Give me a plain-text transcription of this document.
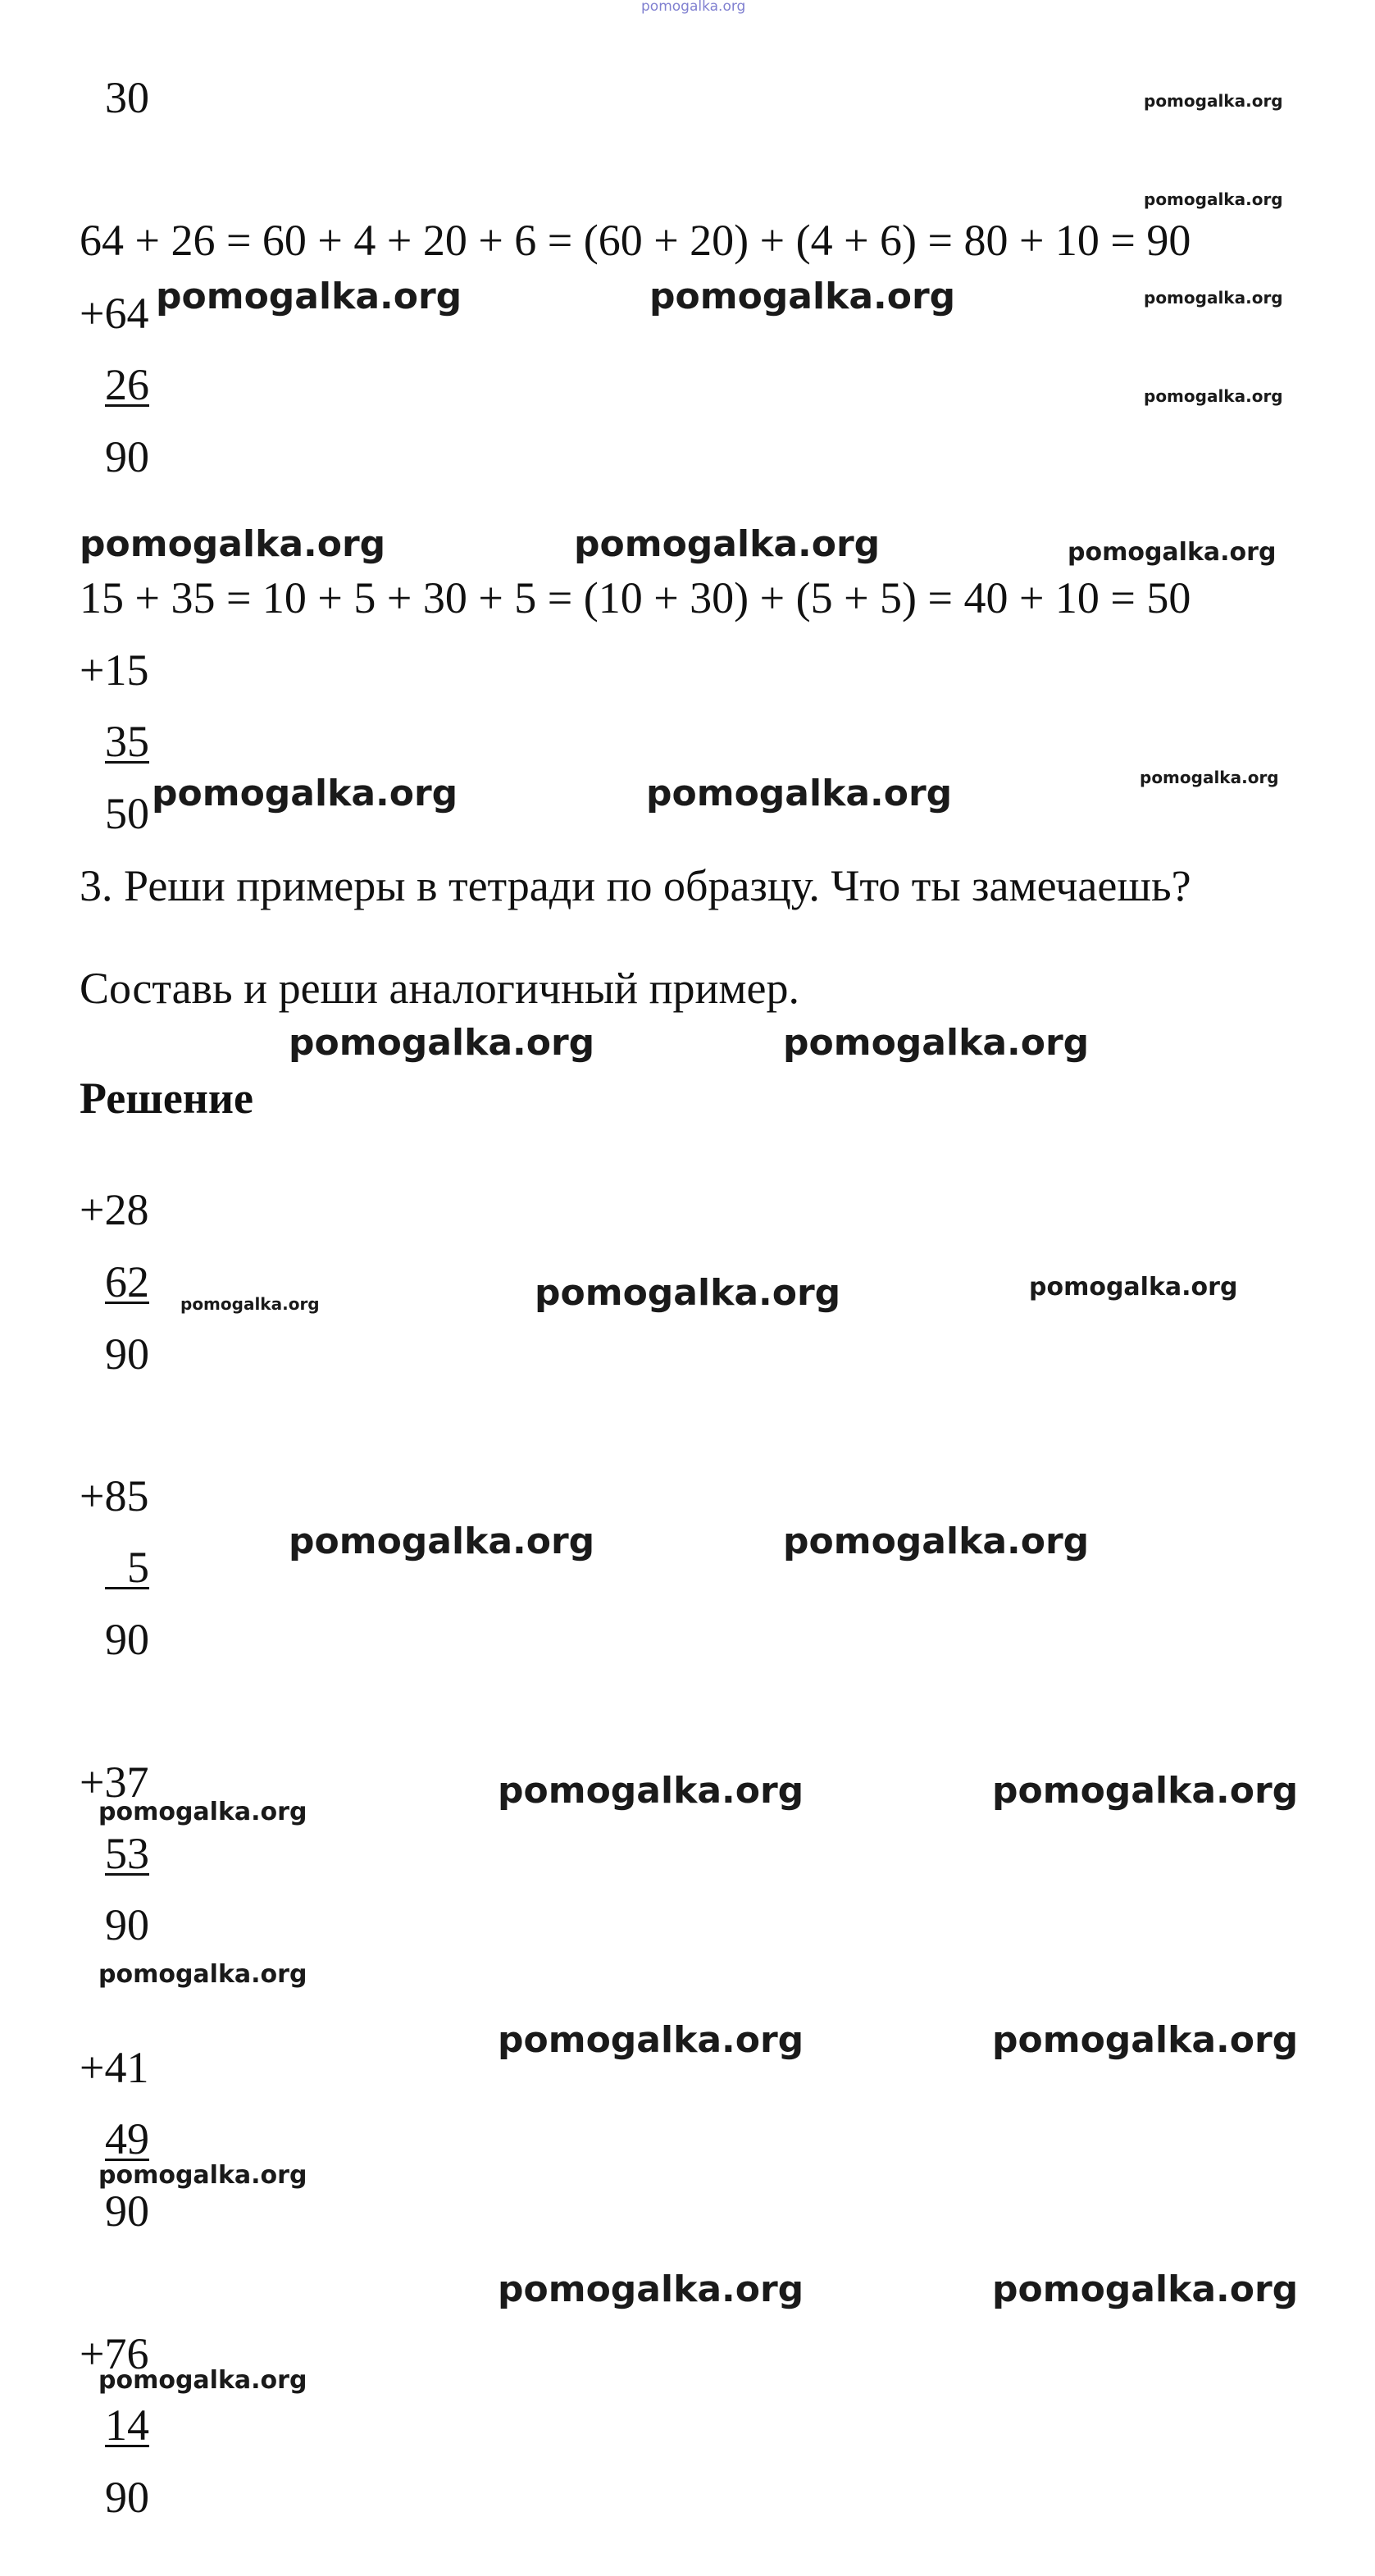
pomogalka.org
30
64 + 26 = 60 + 4 + 20 + 6 = (60 + 20) + (4 + 6) = 80 + 10 = 90
+64
26
90
15 + 35 = 10 + 5 + 30 + 5 = (10 + 30) + (5 + 5) = 40 + 10 = 50
+15
35
50
3. Реши примеры в тетради по образцу. Что ты замечаешь?
Составь и реши аналогичный пример.
Решение
+28
62
90
+85
5
90
+37
53
90
+41
49
90
+76
14
90
pomogalka.org
pomogalka.org
pomogalka.org
pomogalka.org
pomogalka.org	pomogalka.org
pomogalka.org	pomogalka.org	pomogalka.org
pomogalka.org	pomogalka.org	pomogalka.org
pomogalka.org	pomogalka.org
pomogalka.org
pomogalka.org
pomogalka.org
pomogalka.org	pomogalka.org
pomogalka.org	pomogalka.org
pomogalka.org
pomogalka.org
pomogalka.org	pomogalka.org
pomogalka.org
pomogalka.org	pomogalka.org
pomogalka.org
